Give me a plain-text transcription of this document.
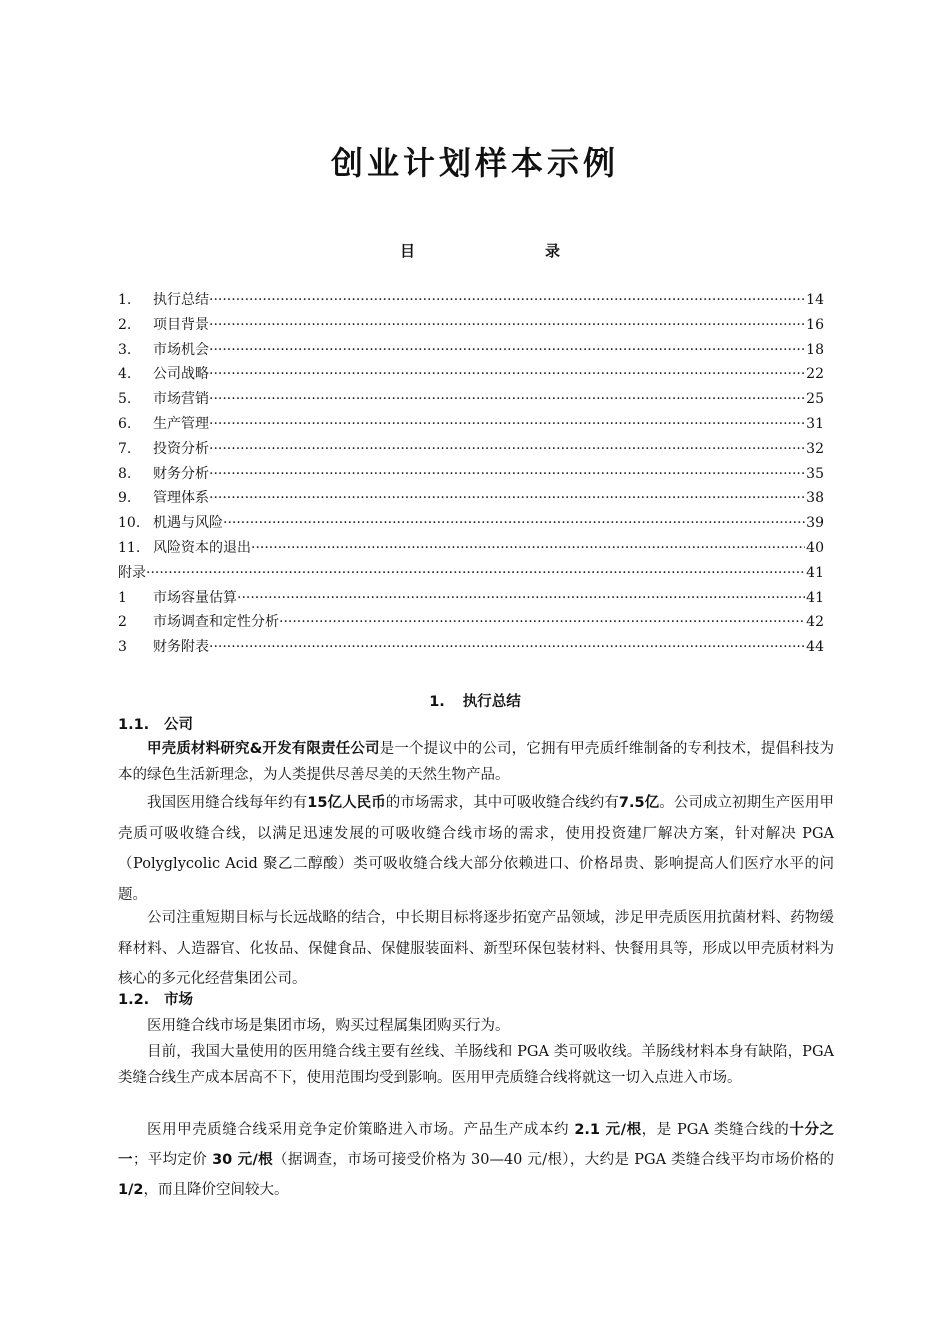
创业计划样本示例
目	录
1.	执行总结 ·····	14
2.	项目背景 ·····	16
3.	市场机会 ·····	18
4.	公司战略 ·····	22
5.	市场营销 ·····	25
6.	生产管理 ·····	31
7.	投资分析 ·····	32
8.	财务分析 ·····	35
9.	管理体系 ·····	38
10. 机遇与风险 ·····	39
11. 风险资本的退出 ·····	40
附录 ·····	41
1	市场容量估算 ·····	41
2	市场调查和定性分析 ·····	42
3	财务附表 ·····	44
1. 执行总结
1.1. 公司

甲壳质材料研究&开发有限责任公司是一个提议中的公司，它拥有甲壳质纤维制备的专利技术，提倡科技为本的绿色生活新理念，为人类提供尽善尽美的天然生物产品。

我国医用缝合线每年约有15亿人民币的市场需求，其中可吸收缝合线约有7.5亿。公司成立初期生产医用甲壳质可吸收缝合线，以满足迅速发展的可吸收缝合线市场的需求，使用投资建厂解决方案，针对解决 PGA（Polyglycolic Acid 聚乙二醇酸）类可吸收缝合线大部分依赖进口、价格昂贵、影响提高人们医疗水平的问题。

公司注重短期目标与长远战略的结合，中长期目标将逐步拓宽产品领域，涉足甲壳质医用抗菌材料、药物缓释材料、人造器官、化妆品、保健食品、保健服装面料、新型环保包装材料、快餐用具等，形成以甲壳质材料为核心的多元化经营集团公司。

1.2. 市场

医用缝合线市场是集团市场，购买过程属集团购买行为。

目前，我国大量使用的医用缝合线主要有丝线、羊肠线和 PGA 类可吸收线。羊肠线材料本身有缺陷，PGA 类缝合线生产成本居高不下，使用范围均受到影响。医用甲壳质缝合线将就这一切入点进入市场。

医用甲壳质缝合线采用竞争定价策略进入市场。产品生产成本约 2.1 元/根，是 PGA 类缝合线的十分之一；平均定价 30 元/根（据调查，市场可接受价格为 30—40 元/根），大约是 PGA 类缝合线平均市场价格的 1/2，而且降价空间较大。
